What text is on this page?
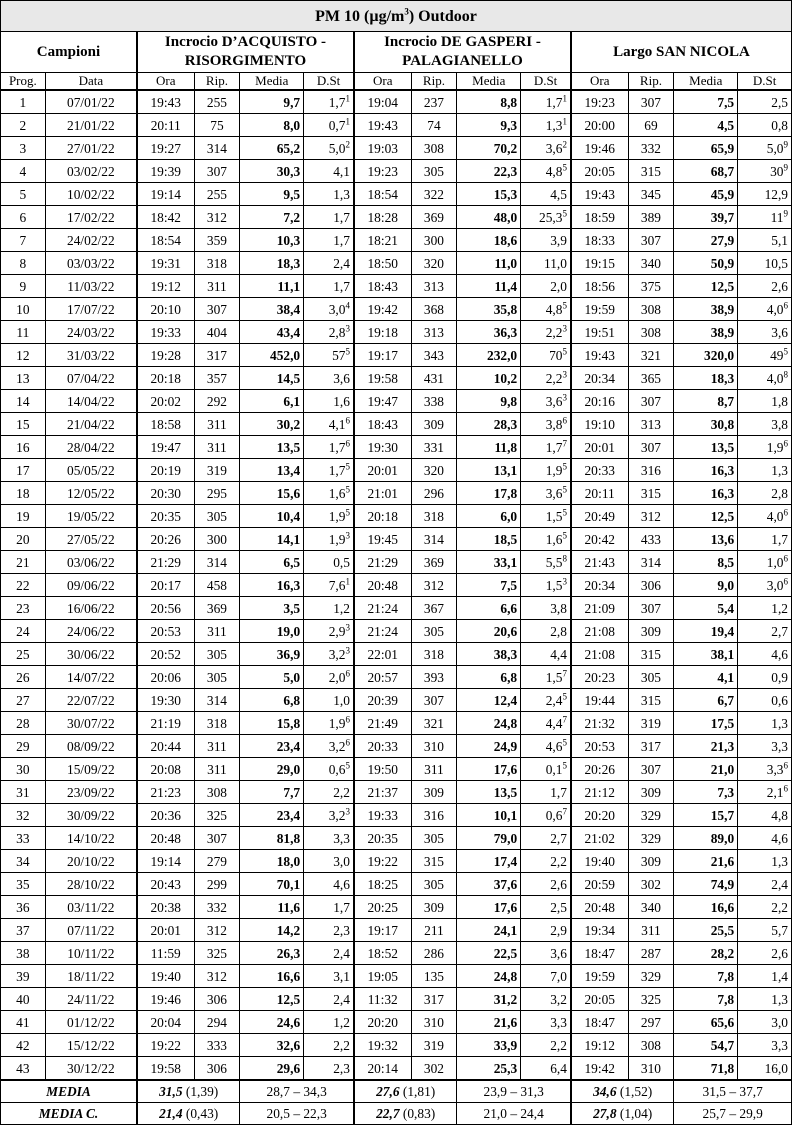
PM 10 $(\mu g/m^3)$ Outdoor													
Campioni		Incrocio D’ACQUISTO - RISORGIMENTO				Incrocio DE GASPERI - PALAGIANELLO				Largo SAN NICOLA			
Prog.	Data	Ora	Rip.	Media	D.St	Ora	Rip.	Media	D.St	Ora	Rip.	Media	D.St
1	07/01/22	19:43	255	9,7	$1,7^1$	19:04	237	8,8	$1,7^1$	19:23	307	7,5	2,5
2	21/01/22	20:11	75	8,0	$0,7^1$	19:43	74	9,3	$1,3^1$	20:00	69	4,5	0,8
3	27/01/22	19:27	314	65,2	$5,0^2$	19:03	308	70,2	$3,6^2$	19:46	332	65,9	$5,0^9$
4	03/02/22	19:39	307	30,3	4,1	19:23	305	22,3	$4,8^5$	20:05	315	68,7	$30^9$
5	10/02/22	19:14	255	9,5	1,3	18:54	322	15,3	4,5	19:43	345	45,9	12,9
6	17/02/22	18:42	312	7,2	1,7	18:28	369	48,0	25,3$^5$	18:59	389	39,7	$11^9$
7	24/02/22	18:54	359	10,3	1,7	18:21	300	18,6	3,9	18:33	307	27,9	5,1
8	03/03/22	19:31	318	18,3	2,4	18:50	320	11,0	11,0	19:15	340	50,9	10,5
9	11/03/22	19:12	311	11,1	1,7	18:43	313	11,4	2,0	18:56	375	12,5	2,6
10	17/07/22	20:10	307	38,4	$3,0^4$	19:42	368	35,8	$4,8^5$	19:59	308	38,9	$4,0^6$
11	24/03/22	19:33	404	43,4	$2,8^3$	19:18	313	36,3	$2,2^3$	19:51	308	38,9	3,6
12	31/03/22	19:28	317	452,0	$57^5$	19:17	343	232,0	$70^5$	19:43	321	320,0	$49^5$
13	07/04/22	20:18	357	14,5	3,6	19:58	431	10,2	$2,2^3$	20:34	365	18,3	$4,0^8$
14	14/04/22	20:02	292	6,1	1,6	19:47	338	9,8	$3,6^3$	20:16	307	8,7	1,8
15	21/04/22	18:58	311	30,2	$4,1^6$	18:43	309	28,3	$3,8^6$	19:10	313	30,8	3,8
16	28/04/22	19:47	311	13,5	$1,7^6$	19:30	331	11,8	$1,7^7$	20:01	307	13,5	$1,9^6$
17	05/05/22	20:19	319	13,4	$1,7^5$	20:01	320	13,1	$1,9^5$	20:33	316	16,3	1,3
18	12/05/22	20:30	295	15,6	$1,6^5$	21:01	296	17,8	$3,6^5$	20:11	315	16,3	2,8
19	19/05/22	20:35	305	10,4	$1,9^5$	20:18	318	6,0	$1,5^5$	20:49	312	12,5	$4,0^6$
20	27/05/22	20:26	300	14,1	$1,9^3$	19:45	314	18,5	$1,6^5$	20:42	433	13,6	1,7
21	03/06/22	21:29	314	6,5	0,5	21:29	369	33,1	$5,5^8$	21:43	314	8,5	$1,0^6$
22	09/06/22	20:17	458	16,3	$7,6^1$	20:48	312	7,5	$1,5^3$	20:34	306	9,0	$3,0^6$
23	16/06/22	20:56	369	3,5	1,2	21:24	367	6,6	3,8	21:09	307	5,4	1,2
24	24/06/22	20:53	311	19,0	$2,9^3$	21:24	305	20,6	2,8	21:08	309	19,4	2,7
25	30/06/22	20:52	305	36,9	$3,2^3$	22:01	318	38,3	4,4	21:08	315	38,1	4,6
26	14/07/22	20:06	305	5,0	$2,0^6$	20:57	393	6,8	$1,5^7$	20:23	305	4,1	0,9
27	22/07/22	19:30	314	6,8	1,0	20:39	307	12,4	$2,4^5$	19:44	315	6,7	0,6
28	30/07/22	21:19	318	15,8	$1,9^6$	21:49	321	24,8	$4,4^7$	21:32	319	17,5	1,3
29	08/09/22	20:44	311	23,4	$3,2^6$	20:33	310	24,9	$4,6^5$	20:53	317	21,3	3,3
30	15/09/22	20:08	311	29,0	$0,6^5$	19:50	311	17,6	$0,1^5$	20:26	307	21,0	$3,3^6$
31	23/09/22	21:23	308	7,7	2,2	21:37	309	13,5	1,7	21:12	309	7,3	$2,1^6$
32	30/09/22	20:36	325	23,4	$3,2^3$	19:33	316	10,1	$0,6^7$	20:20	329	15,7	4,8
33	14/10/22	20:48	307	81,8	3,3	20:35	305	79,0	2,7	21:02	329	89,0	4,6
34	20/10/22	19:14	279	18,0	3,0	19:22	315	17,4	2,2	19:40	309	21,6	1,3
35	28/10/22	20:43	299	70,1	4,6	18:25	305	37,6	2,6	20:59	302	74,9	2,4
36	03/11/22	20:38	332	11,6	1,7	20:25	309	17,6	2,5	20:48	340	16,6	2,2
37	07/11/22	20:01	312	14,2	2,3	19:17	211	24,1	2,9	19:34	311	25,5	5,7
38	10/11/22	11:59	325	26,3	2,4	18:52	286	22,5	3,6	18:47	287	28,2	2,6
39	18/11/22	19:40	312	16,6	3,1	19:05	135	24,8	7,0	19:59	329	7,8	1,4
40	24/11/22	19:46	306	12,5	2,4	11:32	317	31,2	3,2	20:05	325	7,8	1,3
41	01/12/22	20:04	294	24,6	1,2	20:20	310	21,6	3,3	18:47	297	65,6	3,0
42	15/12/22	19:22	333	32,6	2,2	19:32	319	33,9	2,2	19:12	308	54,7	3,3
43	30/12/22	19:58	306	29,6	2,3	20:14	302	25,3	6,4	19:42	310	71,8	16,0
MEDIA		31,5 (1,39)		28,7 – 34,3		27,6 (1,81)		23,9 – 31,3		34,6 (1,52)		31,5 – 37,7	
MEDIA C.		21,4 (0,43)		20,5 – 22,3		22,7 (0,83)		21,0 – 24,4		27,8 (1,04)		25,7 – 29,9	
